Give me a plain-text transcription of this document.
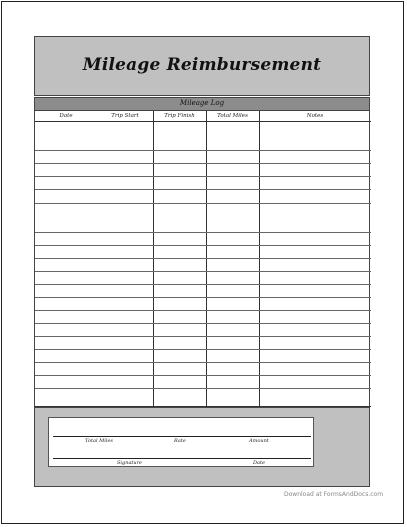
Mileage Reimbursement
Mileage Log
Date	Trip Start	Trip Finish	Total Miles	Notes
Total Miles	Rate	Amount
Signature	Date
Download at FormsAndDocs.com
